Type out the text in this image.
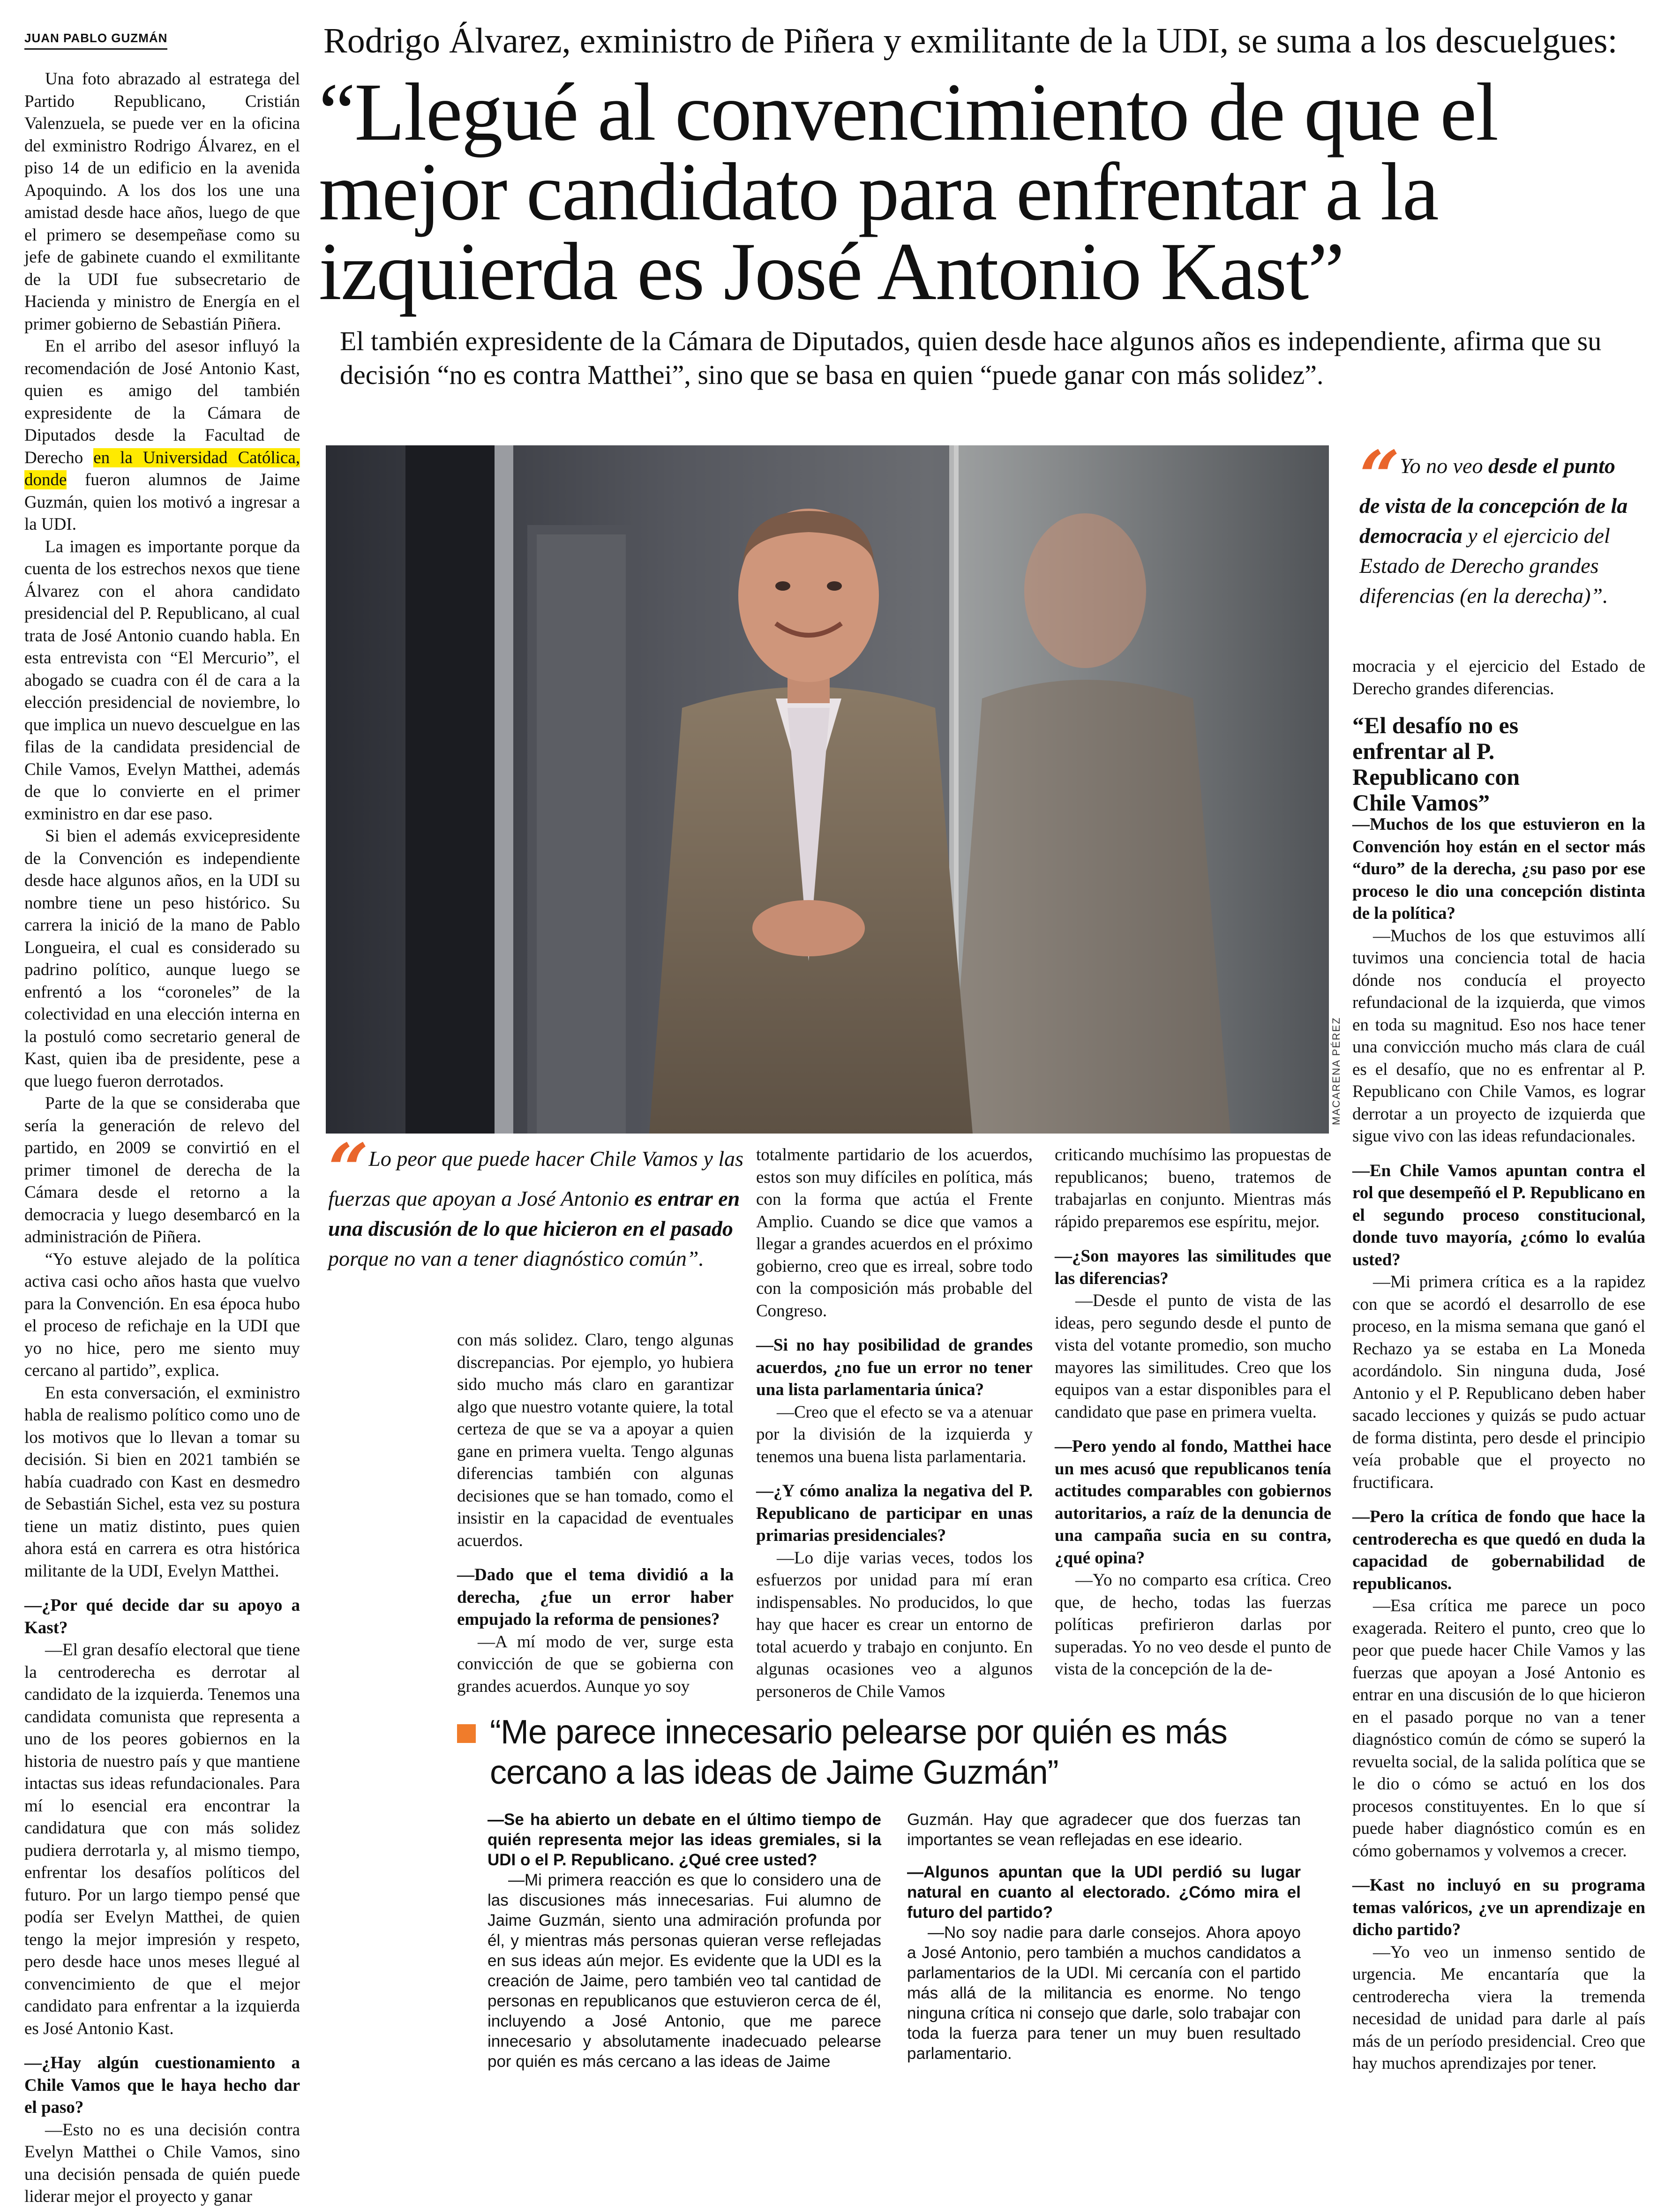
JUAN PABLO GUZMÁN

Una foto abrazado al estratega del Partido Republicano, Cristián Valenzuela, se puede ver en la oficina del exministro Rodrigo Álvarez, en el piso 14 de un edificio en la avenida Apoquindo. A los dos los une una amistad desde hace años, luego de que el primero se desempeñase como su jefe de gabinete cuando el exmilitante de la UDI fue subsecretario de Hacienda y ministro de Energía en el primer gobierno de Sebastián Piñera.

En el arribo del asesor influyó la recomendación de José Antonio Kast, quien es amigo del también expresidente de la Cámara de Diputados desde la Facultad de Derecho en la Universidad Católica, donde fueron alumnos de Jaime Guzmán, quien los motivó a ingresar a la UDI.

La imagen es importante porque da cuenta de los estrechos nexos que tiene Álvarez con el ahora candidato presidencial del P. Republicano, al cual trata de José Antonio cuando habla. En esta entrevista con “El Mercurio”, el abogado se cuadra con él de cara a la elección presidencial de noviembre, lo que implica un nuevo descuelgue en las filas de la candidata presidencial de Chile Vamos, Evelyn Matthei, además de que lo convierte en el primer exministro en dar ese paso.

Si bien el además exvicepresidente de la Convención es independiente desde hace algunos años, en la UDI su nombre tiene un peso histórico. Su carrera la inició de la mano de Pablo Longueira, el cual es considerado su padrino político, aunque luego se enfrentó a los “coroneles” de la colectividad en una elección interna en la postuló como secretario general de Kast, quien iba de presidente, pese a que luego fueron derrotados.

Parte de la que se consideraba que sería la generación de relevo del partido, en 2009 se convirtió en el primer timonel de derecha de la Cámara desde el retorno a la democracia y luego desembarcó en la administración de Piñera.

“Yo estuve alejado de la política activa casi ocho años hasta que vuelvo para la Convención. En esa época hubo el proceso de refichaje en la UDI que yo no hice, pero me siento muy cercano al partido”, explica.

En esta conversación, el exministro habla de realismo político como uno de los motivos que lo llevan a tomar su decisión. Si bien en 2021 también se había cuadrado con Kast en desmedro de Sebastián Sichel, esta vez su postura tiene un matiz distinto, pues quien ahora está en carrera es otra histórica militante de la UDI, Evelyn Matthei.

—¿Por qué decide dar su apoyo a Kast?

—El gran desafío electoral que tiene la centroderecha es derrotar al candidato de la izquierda. Tenemos una candidata comunista que representa a uno de los peores gobiernos en la historia de nuestro país y que mantiene intactas sus ideas refundacionales. Para mí lo esencial era encontrar la candidatura que con más solidez pudiera derrotarla y, al mismo tiempo, enfrentar los desafíos políticos del futuro. Por un largo tiempo pensé que podía ser Evelyn Matthei, de quien tengo la mejor impresión y respeto, pero desde hace unos meses llegué al convencimiento de que el mejor candidato para enfrentar a la izquierda es José Antonio Kast.

—¿Hay algún cuestionamiento a Chile Vamos que le haya hecho dar el paso?

—Esto no es una decisión contra Evelyn Matthei o Chile Vamos, sino una decisión pensada de quién puede liderar mejor el proyecto y ganar

Rodrigo Álvarez, exministro de Piñera y exmilitante de la UDI, se suma a los descuelgues:
“Llegué al convencimiento de que el mejor candidato para enfrentar a la izquierda es José Antonio Kast”
El también expresidente de la Cámara de Diputados, quien desde hace algunos años es independiente, afirma que su decisión “no es contra Matthei”, sino que se basa en quien “puede ganar con más solidez”.
MACARENA PÉREZ
“ Yo no veo desde el punto de vista de la concepción de la democracia y el ejercicio del Estado de Derecho grandes diferencias (en la derecha)”.
“ Lo peor que puede hacer Chile Vamos y las fuerzas que apoyan a José Antonio es entrar en una discusión de lo que hicieron en el pasado porque no van a tener diagnóstico común”.

con más solidez. Claro, tengo algunas discrepancias. Por ejemplo, yo hubiera sido mucho más claro en garantizar algo que nuestro votante quiere, la total certeza de que se va a apoyar a quien gane en primera vuelta. Tengo algunas diferencias también con algunas decisiones que se han tomado, como el insistir en la capacidad de eventuales acuerdos.

—Dado que el tema dividió a la derecha, ¿fue un error haber empujado la reforma de pensiones?

—A mí modo de ver, surge esta convicción de que se gobierna con grandes acuerdos. Aunque yo soy

totalmente partidario de los acuerdos, estos son muy difíciles en política, más con la forma que actúa el Frente Amplio. Cuando se dice que vamos a llegar a grandes acuerdos en el próximo gobierno, creo que es irreal, sobre todo con la composición más probable del Congreso.

—Si no hay posibilidad de grandes acuerdos, ¿no fue un error no tener una lista parlamentaria única?

—Creo que el efecto se va a atenuar por la división de la izquierda y tenemos una buena lista parlamentaria.

—¿Y cómo analiza la negativa del P. Republicano de participar en unas primarias presidenciales?

—Lo dije varias veces, todos los esfuerzos por unidad para mí eran indispensables. No producidos, lo que hay que hacer es crear un entorno de total acuerdo y trabajo en conjunto. En algunas ocasiones veo a algunos personeros de Chile Vamos

criticando muchísimo las propuestas de republicanos; bueno, tratemos de trabajarlas en conjunto. Mientras más rápido preparemos ese espíritu, mejor.

—¿Son mayores las similitudes que las diferencias?

—Desde el punto de vista de las ideas, pero segundo desde el punto de vista del votante promedio, son mucho mayores las similitudes. Creo que los equipos van a estar disponibles para el candidato que pase en primera vuelta.

—Pero yendo al fondo, Matthei hace un mes acusó que republicanos tenía actitudes comparables con gobiernos autoritarios, a raíz de la denuncia de una campaña sucia en su contra, ¿qué opina?

—Yo no comparto esa crítica. Creo que, de hecho, todas las fuerzas políticas prefirieron darlas por superadas. Yo no veo desde el punto de vista de la concepción de la de-

mocracia y el ejercicio del Estado de Derecho grandes diferencias.

“El desafío no es enfrentar al P. Republicano con Chile Vamos”

—Muchos de los que estuvieron en la Convención hoy están en el sector más “duro” de la derecha, ¿su paso por ese proceso le dio una concepción distinta de la política?

—Muchos de los que estuvimos allí tuvimos una conciencia total de hacia dónde nos conducía el proyecto refundacional de la izquierda, que vimos en toda su magnitud. Eso nos hace tener una convicción mucho más clara de cuál es el desafío, que no es enfrentar al P. Republicano con Chile Vamos, es lograr derrotar a un proyecto de izquierda que sigue vivo con las ideas refundacionales.

—En Chile Vamos apuntan contra el rol que desempeñó el P. Republicano en el segundo proceso constitucional, donde tuvo mayoría, ¿cómo lo evalúa usted?

—Mi primera crítica es a la rapidez con que se acordó el desarrollo de ese proceso, en la misma semana que ganó el Rechazo ya se estaba en La Moneda acordándolo. Sin ninguna duda, José Antonio y el P. Republicano deben haber sacado lecciones y quizás se pudo actuar de forma distinta, pero desde el principio veía probable que el proyecto no fructificara.

—Pero la crítica de fondo que hace la centroderecha es que quedó en duda la capacidad de gobernabilidad de republicanos.

—Esa crítica me parece un poco exagerada. Reitero el punto, creo que lo peor que puede hacer Chile Vamos y las fuerzas que apoyan a José Antonio es entrar en una discusión de lo que hicieron en el pasado porque no van a tener diagnóstico común de cómo se superó la revuelta social, de la salida política que se le dio o cómo se actuó en los dos procesos constituyentes. En lo que sí puede haber diagnóstico común es en cómo gobernamos y volvemos a crecer.

—Kast no incluyó en su programa temas valóricos, ¿ve un aprendizaje en dicho partido?

—Yo veo un inmenso sentido de urgencia. Me encantaría que la centroderecha viera la tremenda necesidad de unidad para darle al país más de un período presidencial. Creo que hay muchos aprendizajes por tener.

“Me parece innecesario pelearse por quién es más cercano a las ideas de Jaime Guzmán”

—Se ha abierto un debate en el último tiempo de quién representa mejor las ideas gremiales, si la UDI o el P. Republicano. ¿Qué cree usted?

—Mi primera reacción es que lo considero una de las discusiones más innecesarias. Fui alumno de Jaime Guzmán, siento una admiración profunda por él, y mientras más personas quieran verse reflejadas en sus ideas aún mejor. Es evidente que la UDI es la creación de Jaime, pero también veo tal cantidad de personas en republicanos que estuvieron cerca de él, incluyendo a José Antonio, que me parece innecesario y absolutamente inadecuado pelearse por quién es más cercano a las ideas de Jaime

Guzmán. Hay que agradecer que dos fuerzas tan importantes se vean reflejadas en ese ideario.

—Algunos apuntan que la UDI perdió su lugar natural en cuanto al electorado. ¿Cómo mira el futuro del partido?

—No soy nadie para darle consejos. Ahora apoyo a José Antonio, pero también a muchos candidatos a parlamentarios de la UDI. Mi cercanía con el partido más allá de la militancia es enorme. No tengo ninguna crítica ni consejo que darle, solo trabajar con toda la fuerza para tener un muy buen resultado parlamentario.
